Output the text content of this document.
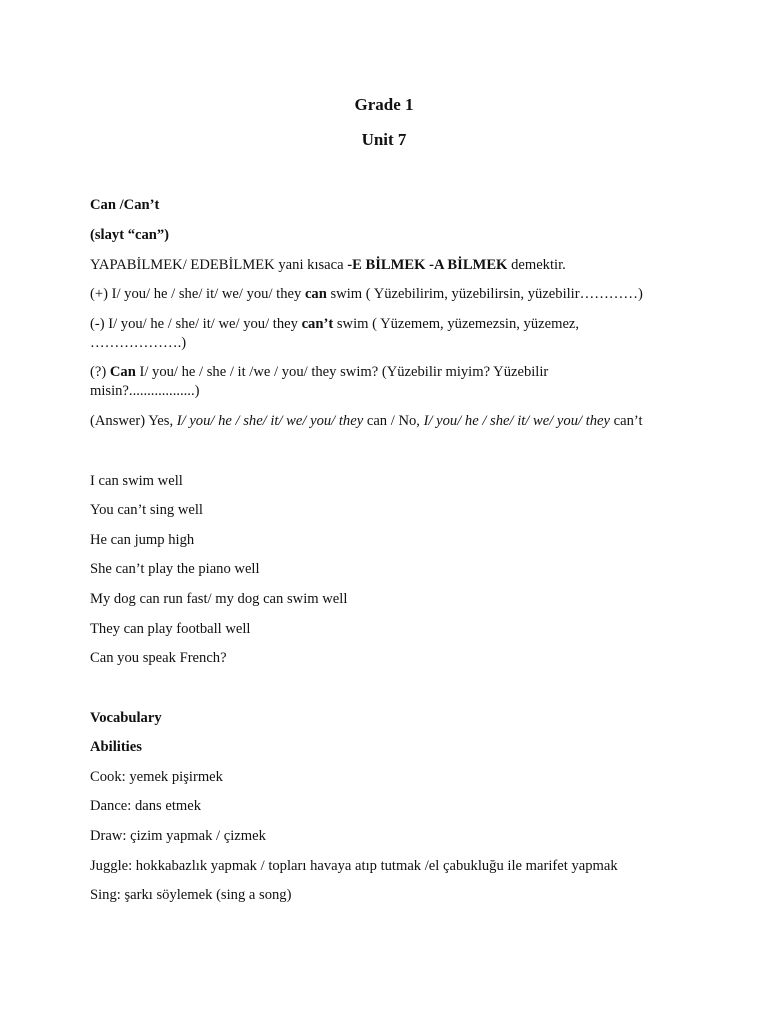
Grade 1
Unit 7
Can /Can’t
(slayt “can”)
YAPABİLMEK/ EDEBİLMEK yani kısaca -E BİLMEK -A BİLMEK demektir.
(+) I/ you/ he / she/ it/ we/ you/ they can swim ( Yüzebilirim, yüzebilirsin, yüzebilir…………)
(-) I/ you/ he / she/ it/ we/ you/ they can’t swim ( Yüzemem, yüzemezsin, yüzemez,
……………….)
(?) Can I/ you/ he / she / it /we / you/ they swim? (Yüzebilir miyim? Yüzebilir
misin?..................)
(Answer) Yes, I/ you/ he / she/ it/ we/ you/ they can / No, I/ you/ he / she/ it/ we/ you/ they can’t
I can swim well
You can’t sing well
He can jump high
She can’t play the piano well
My dog can run fast/ my dog can swim well
They can play football well
Can you speak French?
Vocabulary
Abilities
Cook: yemek pişirmek
Dance: dans etmek
Draw: çizim yapmak / çizmek
Juggle: hokkabazlık yapmak / topları havaya atıp tutmak /el çabukluğu ile marifet yapmak
Sing: şarkı söylemek (sing a song)
